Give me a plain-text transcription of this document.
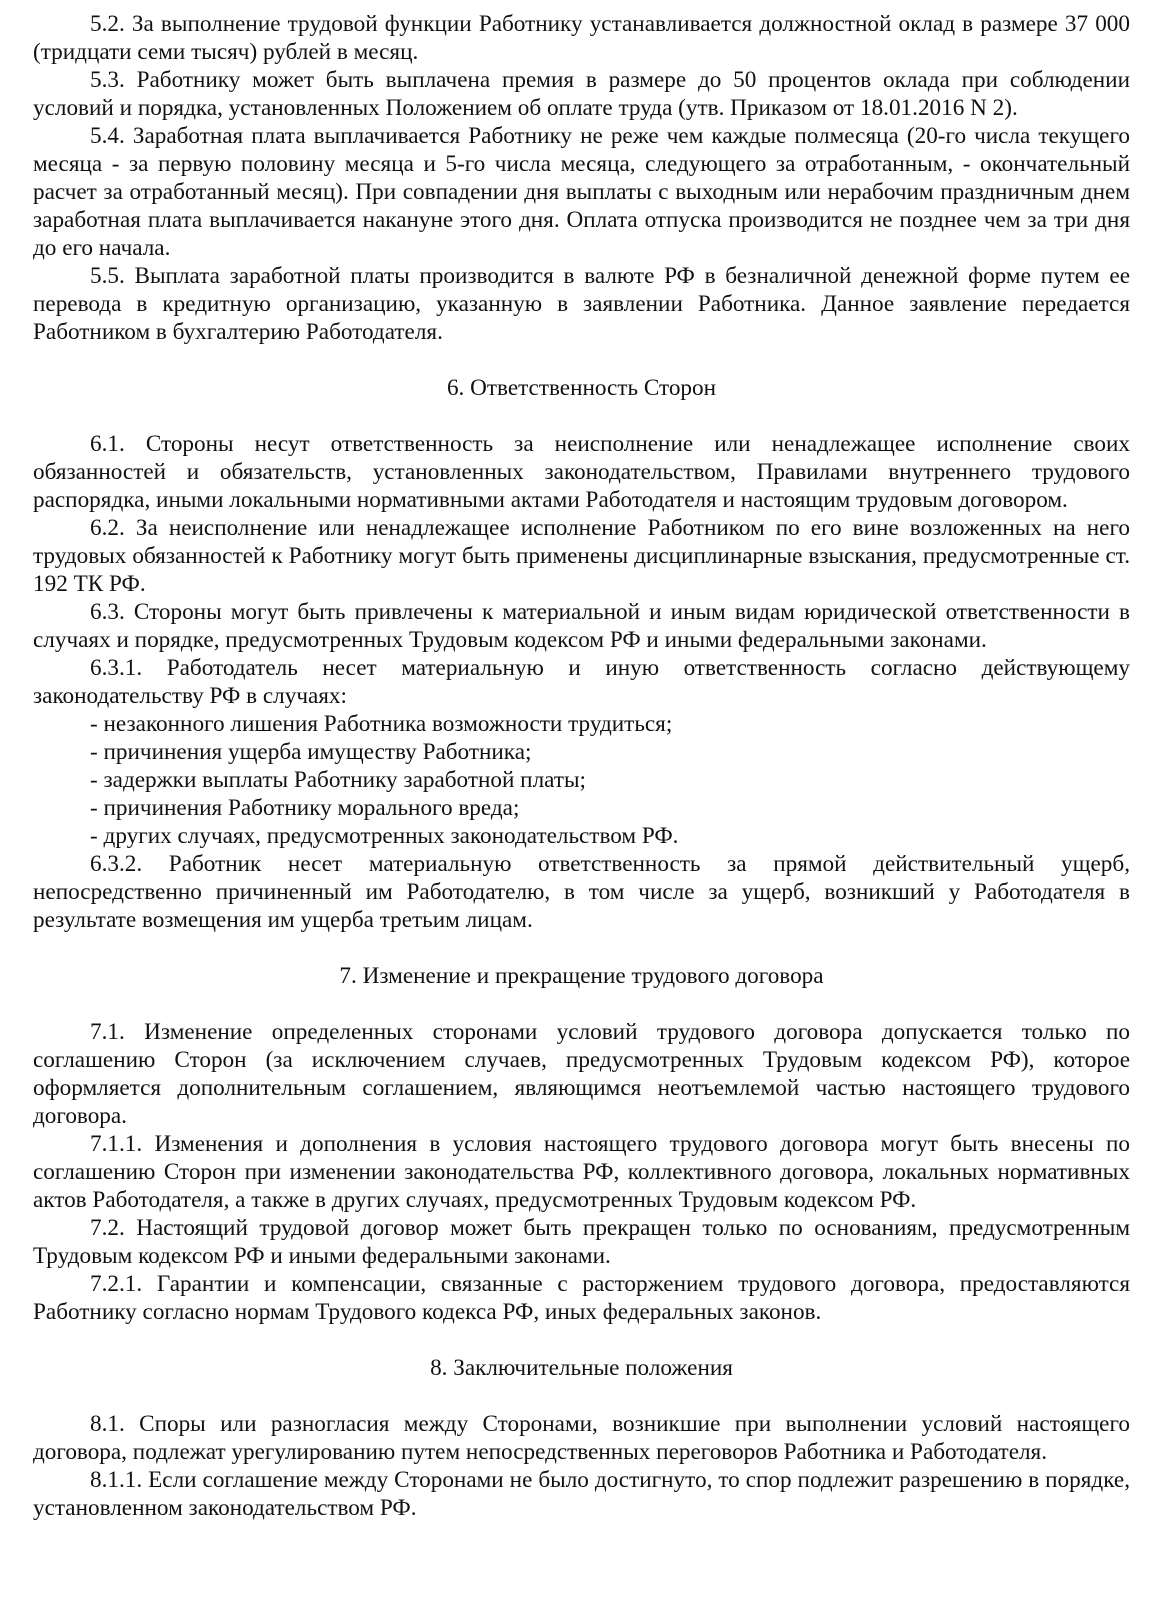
5.2. За выполнение трудовой функции Работнику устанавливается должностной оклад в размере 37 000 (тридцати семи тысяч) рублей в месяц.

5.3. Работнику может быть выплачена премия в размере до 50 процентов оклада при соблюдении условий и порядка, установленных Положением об оплате труда (утв. Приказом от 18.01.2016 N 2).

5.4. Заработная плата выплачивается Работнику не реже чем каждые полмесяца (20-го числа текущего месяца - за первую половину месяца и 5-го числа месяца, следующего за отработанным, - окончательный расчет за отработанный месяц). При совпадении дня выплаты с выходным или нерабочим праздничным днем заработная плата выплачивается накануне этого дня. Оплата отпуска производится не позднее чем за три дня до его начала.

5.5. Выплата заработной платы производится в валюте РФ в безналичной денежной форме путем ее перевода в кредитную организацию, указанную в заявлении Работника. Данное заявление передается Работником в бухгалтерию Работодателя.

6. Ответственность Сторон

6.1. Стороны несут ответственность за неисполнение или ненадлежащее исполнение своих обязанностей и обязательств, установленных законодательством, Правилами внутреннего трудового распорядка, иными локальными нормативными актами Работодателя и настоящим трудовым договором.

6.2. За неисполнение или ненадлежащее исполнение Работником по его вине возложенных на него трудовых обязанностей к Работнику могут быть применены дисциплинарные взыскания, предусмотренные ст. 192 ТК РФ.

6.3. Стороны могут быть привлечены к материальной и иным видам юридической ответственности в случаях и порядке, предусмотренных Трудовым кодексом РФ и иными федеральными законами.

6.3.1. Работодатель несет материальную и иную ответственность согласно действующему законодательству РФ в случаях:

- незаконного лишения Работника возможности трудиться;

- причинения ущерба имуществу Работника;

- задержки выплаты Работнику заработной платы;

- причинения Работнику морального вреда;

- других случаях, предусмотренных законодательством РФ.

6.3.2. Работник несет материальную ответственность за прямой действительный ущерб, непосредственно причиненный им Работодателю, в том числе за ущерб, возникший у Работодателя в результате возмещения им ущерба третьим лицам.

7. Изменение и прекращение трудового договора

7.1. Изменение определенных сторонами условий трудового договора допускается только по соглашению Сторон (за исключением случаев, предусмотренных Трудовым кодексом РФ), которое оформляется дополнительным соглашением, являющимся неотъемлемой частью настоящего трудового договора.

7.1.1. Изменения и дополнения в условия настоящего трудового договора могут быть внесены по соглашению Сторон при изменении законодательства РФ, коллективного договора, локальных нормативных актов Работодателя, а также в других случаях, предусмотренных Трудовым кодексом РФ.

7.2. Настоящий трудовой договор может быть прекращен только по основаниям, предусмотренным Трудовым кодексом РФ и иными федеральными законами.

7.2.1. Гарантии и компенсации, связанные с расторжением трудового договора, предоставляются Работнику согласно нормам Трудового кодекса РФ, иных федеральных законов.

8. Заключительные положения

8.1. Споры или разногласия между Сторонами, возникшие при выполнении условий настоящего договора, подлежат урегулированию путем непосредственных переговоров Работника и Работодателя.

8.1.1. Если соглашение между Сторонами не было достигнуто, то спор подлежит разрешению в порядке, установленном законодательством РФ.
